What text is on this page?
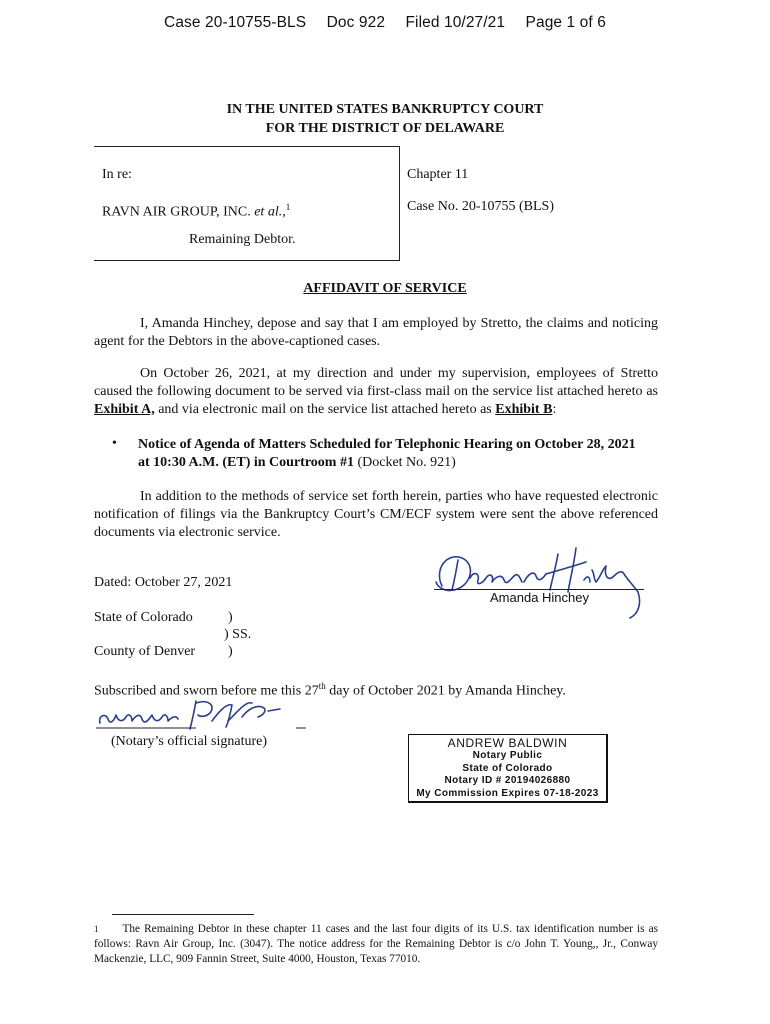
Case 20-10755-BLS Doc 922 Filed 10/27/21 Page 1 of 6
IN THE UNITED STATES BANKRUPTCY COURT
FOR THE DISTRICT OF DELAWARE
In re:
RAVN AIR GROUP, INC. et al.,$^1$
Remaining Debtor.
Chapter 11
Case No. 20-10755 (BLS)
AFFIDAVIT OF SERVICE
I, Amanda Hinchey, depose and say that I am employed by Stretto, the claims and noticing agent for the Debtors in the above-captioned cases.
On October 26, 2021, at my direction and under my supervision, employees of Stretto caused the following document to be served via first-class mail on the service list attached hereto as Exhibit A, and via electronic mail on the service list attached hereto as Exhibit B:
• Notice of Agenda of Matters Scheduled for Telephonic Hearing on October 28, 2021 at 10:30 A.M. (ET) in Courtroom #1 (Docket No. 921)
In addition to the methods of service set forth herein, parties who have requested electronic notification of filings via the Bankruptcy Court’s CM/ECF system were sent the above referenced documents via electronic service.
Dated: October 27, 2021
Amanda Hinchey
State of Colorado	)
) SS.
County of Denver )
Subscribed and sworn before me this 27th day of October 2021 by Amanda Hinchey.
(Notary’s official signature)	ANDREW BALDWIN
Notary Public
State of Colorado
Notary ID # 20194026880
My Commission Expires 07-18-2023
$^1$ The Remaining Debtor in these chapter 11 cases and the last four digits of its U.S. tax identification number is as follows: Ravn Air Group, Inc. (3047). The notice address for the Remaining Debtor is c/o John T. Young,, Jr., Conway Mackenzie, LLC, 909 Fannin Street, Suite 4000, Houston, Texas 77010.
